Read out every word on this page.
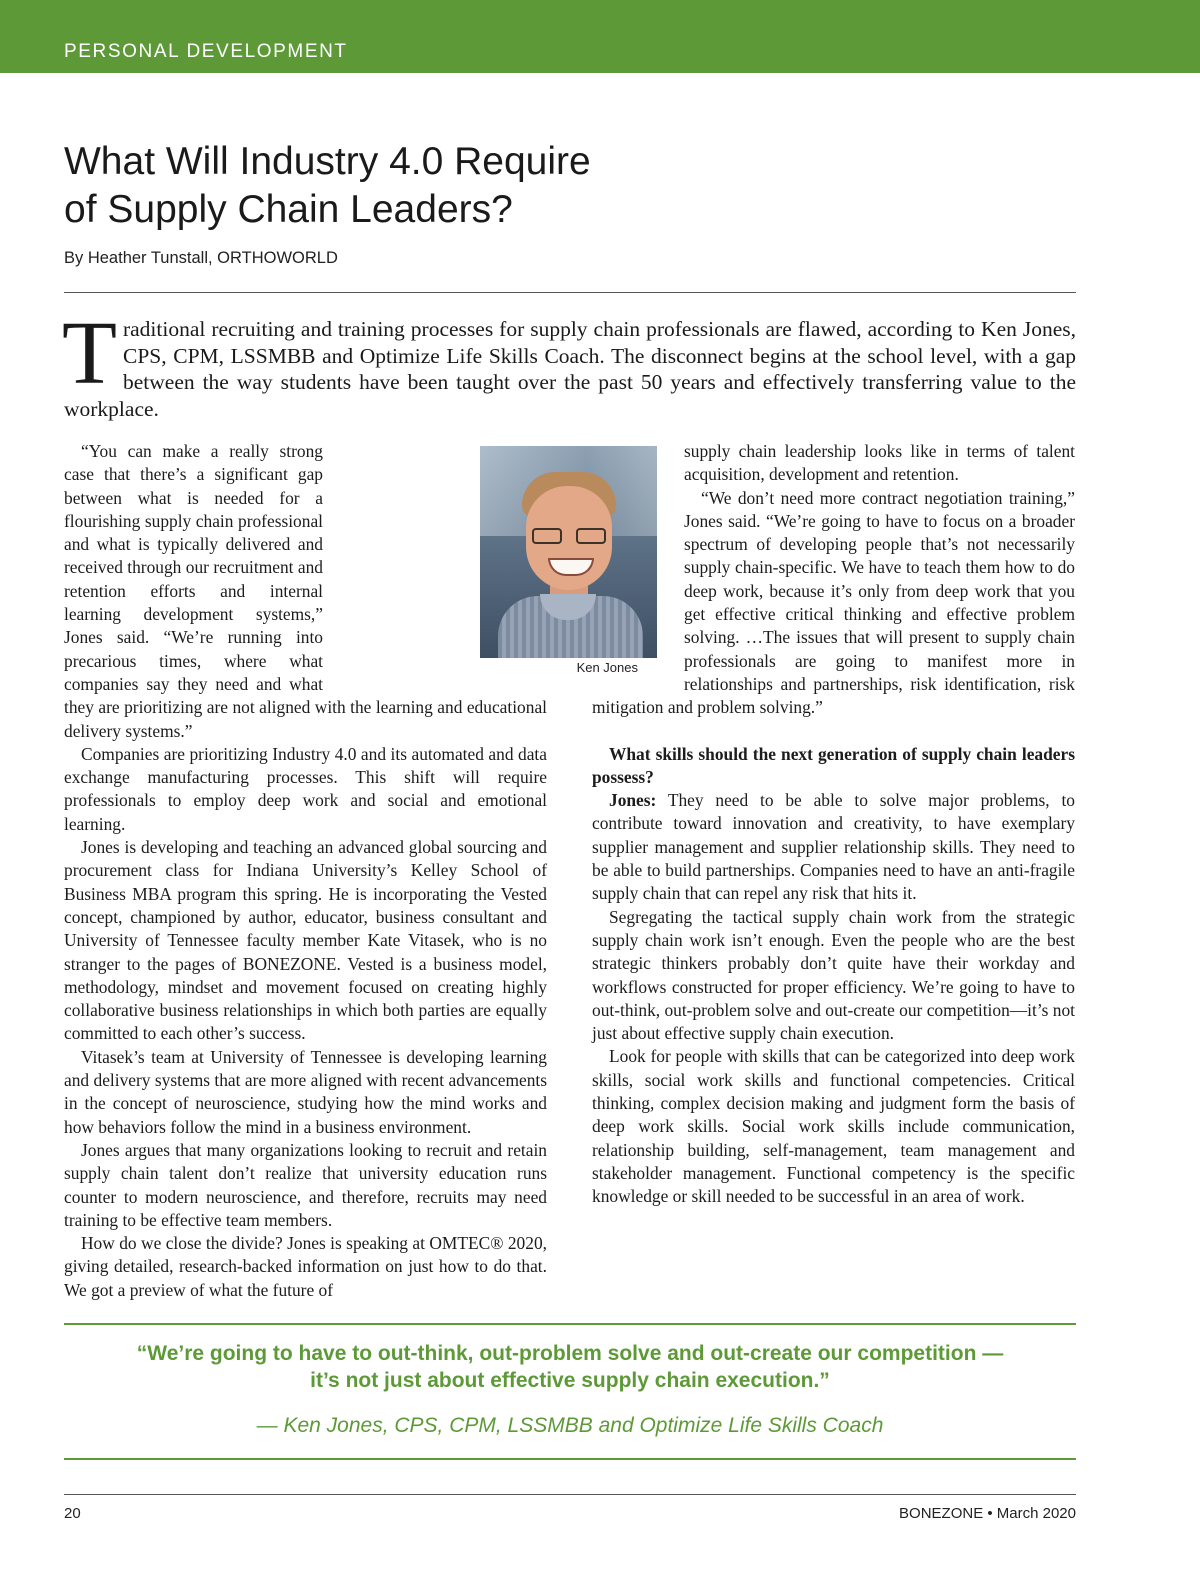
PERSONAL DEVELOPMENT
What Will Industry 4.0 Require
of Supply Chain Leaders?
By Heather Tunstall, ORTHOWORLD

Traditional recruiting and training processes for supply chain professionals are flawed, according to Ken Jones, CPS, CPM, LSSMBB and Optimize Life Skills Coach. The disconnect begins at the school level, with a gap between the way students have been taught over the past 50 years and effectively transferring value to the workplace.

“You can make a really strong case that there’s a significant gap between what is needed for a flourishing supply chain professional and what is typically delivered and received through our recruitment and retention efforts and internal learning development systems,” Jones said. “We’re running into precarious times, where what companies say they need and what they are prioritizing are not aligned with the learning and educational delivery systems.”

Companies are prioritizing Industry 4.0 and its automated and data exchange manufacturing processes. This shift will require professionals to employ deep work and social and emotional learning.

Jones is developing and teaching an advanced global sourcing and procurement class for Indiana University’s Kelley School of Business MBA program this spring. He is incorporating the Vested concept, championed by author, educator, business consultant and University of Tennessee faculty member Kate Vitasek, who is no stranger to the pages of BONEZONE. Vested is a business model, methodology, mindset and movement focused on creating highly collaborative business relationships in which both parties are equally committed to each other’s success.

Vitasek’s team at University of Tennessee is developing learning and delivery systems that are more aligned with recent advancements in the concept of neuroscience, studying how the mind works and how behaviors follow the mind in a business environment.

Jones argues that many organizations looking to recruit and retain supply chain talent don’t realize that university education runs counter to modern neuroscience, and therefore, recruits may need training to be effective team members.

How do we close the divide? Jones is speaking at OMTEC® 2020, giving detailed, research-backed information on just how to do that. We got a preview of what the future of

supply chain leadership looks like in terms of talent acquisition, development and retention.

“We don’t need more contract negotiation training,” Jones said. “We’re going to have to focus on a broader spectrum of developing people that’s not necessarily supply chain-specific. We have to teach them how to do deep work, because it’s only from deep work that you get effective critical thinking and effective problem solving. …The issues that will present to supply chain professionals are going to manifest more in relationships and partnerships, risk identification, risk mitigation and problem solving.”

What skills should the next generation of supply chain leaders possess?

Jones: They need to be able to solve major problems, to contribute toward innovation and creativity, to have exemplary supplier management and supplier relationship skills. They need to be able to build partnerships. Companies need to have an anti-fragile supply chain that can repel any risk that hits it.

Segregating the tactical supply chain work from the strategic supply chain work isn’t enough. Even the people who are the best strategic thinkers probably don’t quite have their workday and workflows constructed for proper efficiency. We’re going to have to out-think, out-problem solve and out-create our competition—it’s not just about effective supply chain execution.

Look for people with skills that can be categorized into deep work skills, social work skills and functional competencies. Critical thinking, complex decision making and judgment form the basis of deep work skills. Social work skills include communication, relationship building, self-management, team management and stakeholder management. Functional competency is the specific knowledge or skill needed to be successful in an area of work.

Ken Jones

“We’re going to have to out-think, out-problem solve and out-create our competition —
it’s not just about effective supply chain execution.”

— Ken Jones, CPS, CPM, LSSMBB and Optimize Life Skills Coach
20	BONEZONE • March 2020
